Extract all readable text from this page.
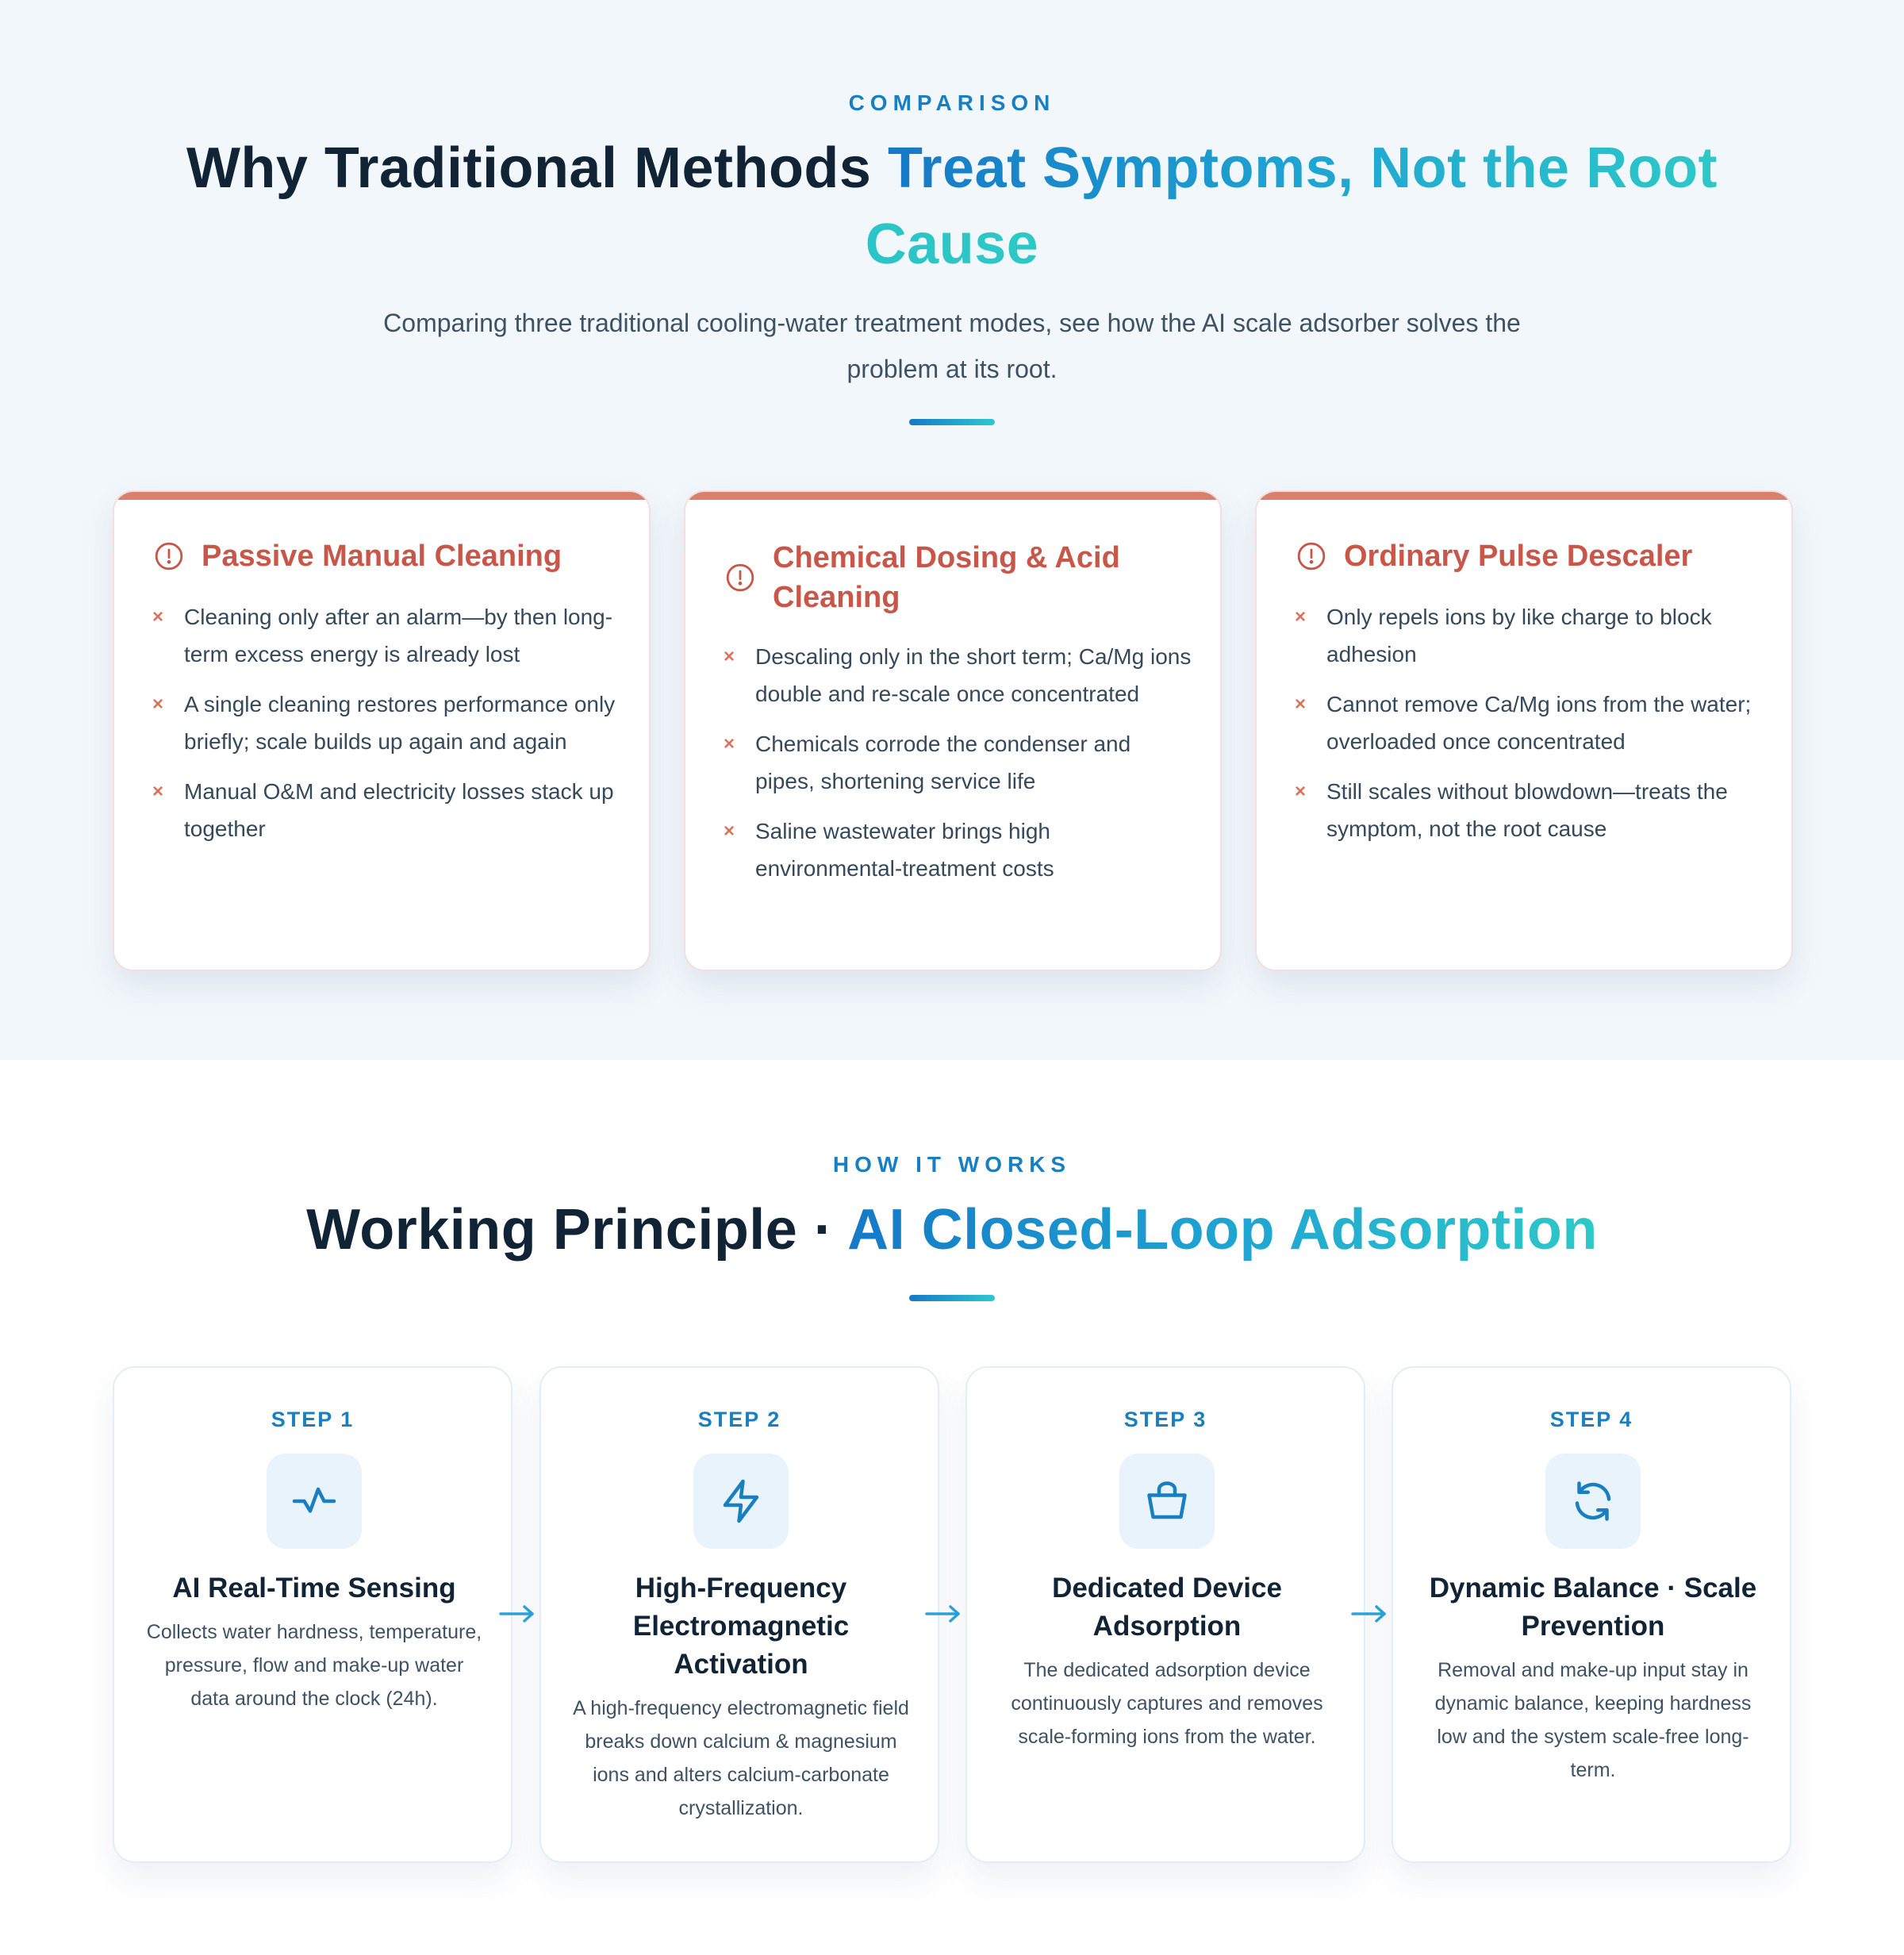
COMPARISON
Why Traditional Methods Treat Symptoms, Not the Root
Cause

Comparing three traditional cooling-water treatment modes, see how the AI scale adsorber solves the
problem at its root.

Passive Manual Cleaning
× Cleaning only after an alarm—by then long-term excess energy is already lost
× A single cleaning restores performance only briefly; scale builds up again and again
× Manual O&M and electricity losses stack up together
Chemical Dosing & Acid Cleaning
× Descaling only in the short term; Ca/Mg ions double and re-scale once concentrated
× Chemicals corrode the condenser and pipes, shortening service life
× Saline wastewater brings high environmental-treatment costs
Ordinary Pulse Descaler
× Only repels ions by like charge to block adhesion
× Cannot remove Ca/Mg ions from the water; overloaded once concentrated
× Still scales without blowdown—treats the symptom, not the root cause
HOW IT WORKS
Working Principle · AI Closed-Loop Adsorption
STEP 1
AI Real-Time Sensing
Collects water hardness, temperature, pressure, flow and make-up water data around the clock (24h).
STEP 2
High-Frequency Electromagnetic Activation
A high-frequency electromagnetic field breaks down calcium & magnesium ions and alters calcium-carbonate crystallization.
STEP 3
Dedicated Device Adsorption
The dedicated adsorption device continuously captures and removes scale-forming ions from the water.
STEP 4
Dynamic Balance · Scale Prevention
Removal and make-up input stay in dynamic balance, keeping hardness low and the system scale-free long-term.
